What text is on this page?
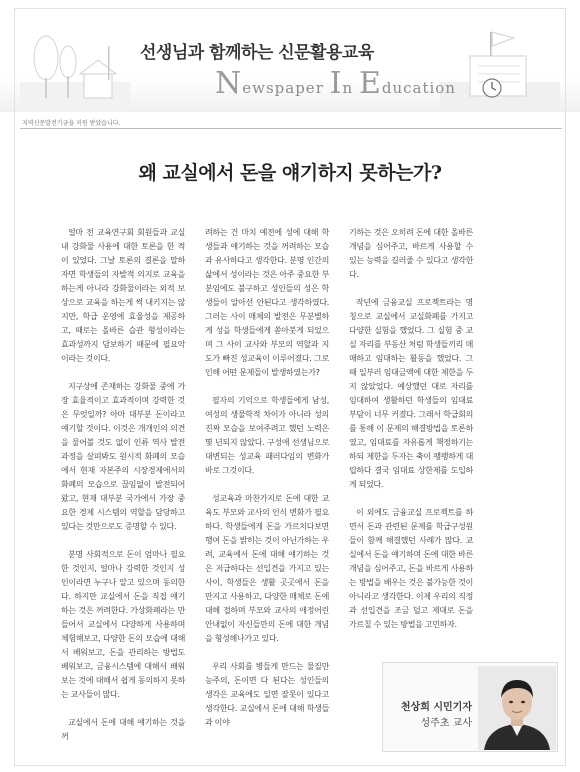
선생님과 함께하는 신문활용교육
Newspaper In Education
지역신문발전기금을 지원 받았습니다.
왜 교실에서 돈을 얘기하지 못하는가?

얼마 전 교육연구회 회원들과 교실 내 강화물 사용에 대한 토론을 한 적이 있었다. 그날 토론의 결론을 말하자면 학생들의 자발적 의지로 교육을 하는게 아니라 강화물이라는 외적 보상으로 교육을 하는게 썩 내키지는 않지만, 학급 운영에 효율성을 제공하고, 때로는 올바른 습관 형성이라는 효과성까지 담보하기 때문에 필요악이라는 것이다.

지구상에 존재하는 강화물 중에 가장 효율적이고 효과적이며 강력한 것은 무엇일까? 아마 대부분 돈이라고 얘기할 것이다. 이것은 개개인의 의견을 물어볼 것도 없이 인류 역사 발전 과정을 살펴봐도 원시적 화폐의 모습에서 현재 자본주의 시장경제에서의 화폐의 모습으로 끊임없이 발전되어 왔고, 현재 대부분 국가에서 가장 중요한 경제 시스템의 역할을 담당하고 있다는 것만으로도 증명할 수 있다.

분명 사회적으로 돈이 엄마나 필요한 것인지, 얼마나 강력한 것인지 성인이라면 누구나 알고 있으며 동의한다. 하지만 교실에서 돈을 직접 얘기하는 것은 꺼려한다. 가상화폐라는 만들어서 교실에서 다양하게 사용하며 체험해보고, 다양한 돈의 모습에 대해서 배워보고, 돈을 관리하는 방법도 배워보고, 금융시스템에 대해서 배워보는 것에 대해서 쉽게 동의하지 못하는 교사들이 많다.

교실에서 돈에 대해 얘기하는 것을 꺼

려하는 건 마치 예전에 성에 대해 학생들과 얘기하는 것을 꺼려하는 모습과 유사하다고 생각한다. 분명 인간의 삶에서 성이라는 것은 아주 중요한 부분임에도 불구하고 성인들의 성은 학생들이 알아선 안된다고 생각하였다. 그러는 사이 매체의 발전은 무분별하게 성을 학생들에게 쏟아붓게 되었으며 그 사이 교사와 부모의 역할과 지도가 빠진 성교육이 이루어졌다. 그로인해 어떤 문제들이 발생하였는가?

필자의 기억으로 학생들에게 남성, 여성의 생물학적 차이가 아니라 성의 진짜 모습을 보여주려고 했던 노력은 몇 년되지 않았다. 구성애 선생님으로 대변되는 성교육 패러다임의 변화가 바로 그것이다.

성교육과 마찬가지로 돈에 대한 교육도 부모와 교사의 인식 변화가 필요하다. 학생들에게 돈을 가르치다보면 행여 돈을 밝히는 것이 아닌가하는 우려, 교육에서 돈에 대해 얘기하는 것은 저급하다는 선입견을 가지고 있는 사이, 학생들은 생활 곳곳에서 돈을 만지고 사용하고, 다양한 매체로 돈에 대해 접하며 부모와 교사의 애정어린 안내없이 자신들만의 돈에 대한 개념을 형성해나가고 있다.

우리 사회를 병들게 만드는 물질만능주의, 돈이면 다 된다는 성인들의 생각은 교육에도 일면 잘못이 있다고 생각한다. 교실에서 돈에 대해 학생들과 이야

기하는 것은 오히려 돈에 대한 올바른 개념을 심어주고, 바르게 사용할 수 있는 능력을 길러줄 수 있다고 생각한다.

작년에 금융교실 프로젝트라는 명칭으로 교실에서 교실화폐를 가지고 다양한 실험을 했었다. 그 실험 중 교실 자리를 부동산 처럼 학생들끼리 매매하고 임대하는 활동을 했었다. 그 때 일부러 임대금액에 대한 제한을 두지 않았었다. 예상했던 대로 자리를 임대하여 생활하던 학생들의 임대료 부담이 너무 커졌다. 그래서 학급회의를 통해 이 문제의 해결방법을 토론하였고, 임대료를 자유롭게 책정하기는 하되 제한을 두자는 축이 팽팽하게 대립하다 결국 임대료 상한제를 도입하게 되었다.

이 외에도 금융교실 프로젝트를 하면서 돈과 관련된 문제를 학급구성원들이 함께 해결했던 사례가 많다. 교실에서 돈을 얘기하며 돈에 대한 바른 개념을 심어주고, 돈을 바르게 사용하는 방법을 배우는 것은 불가능한 것이 아니라고 생각한다. 이제 우리의 직정과 선입견을 조금 덜고 제대로 돈을 가르칠 수 있는 방법을 고민하자.

천상희 시민기자
성주초 교사
